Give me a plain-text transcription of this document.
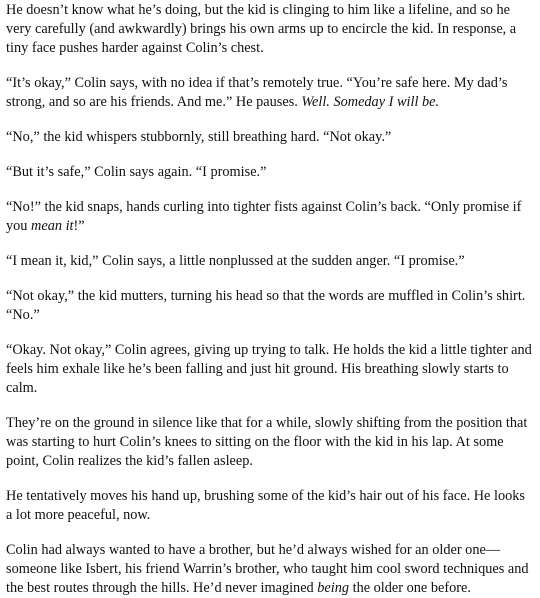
He doesn’t know what he’s doing, but the kid is clinging to him like a lifeline, and so he very carefully (and awkwardly) brings his own arms up to encircle the kid. In response, a tiny face pushes harder against Colin’s chest.

“It’s okay,” Colin says, with no idea if that’s remotely true. “You’re safe here. My dad’s strong, and so are his friends. And me.” He pauses. Well. Someday I will be.

“No,” the kid whispers stubbornly, still breathing hard. “Not okay.”

“But it’s safe,” Colin says again. “I promise.”

“No!” the kid snaps, hands curling into tighter fists against Colin’s back. “Only promise if you mean it!”

“I mean it, kid,” Colin says, a little nonplussed at the sudden anger. “I promise.”

“Not okay,” the kid mutters, turning his head so that the words are muffled in Colin’s shirt. “No.”

“Okay. Not okay,” Colin agrees, giving up trying to talk. He holds the kid a little tighter and feels him exhale like he’s been falling and just hit ground. His breathing slowly starts to calm.

They’re on the ground in silence like that for a while, slowly shifting from the position that was starting to hurt Colin’s knees to sitting on the floor with the kid in his lap. At some point, Colin realizes the kid’s fallen asleep.

He tentatively moves his hand up, brushing some of the kid’s hair out of his face. He looks a lot more peaceful, now.

Colin had always wanted to have a brother, but he’d always wished for an older one—someone like Isbert, his friend Warrin’s brother, who taught him cool sword techniques and the best routes through the hills. He’d never imagined being the older one before.
